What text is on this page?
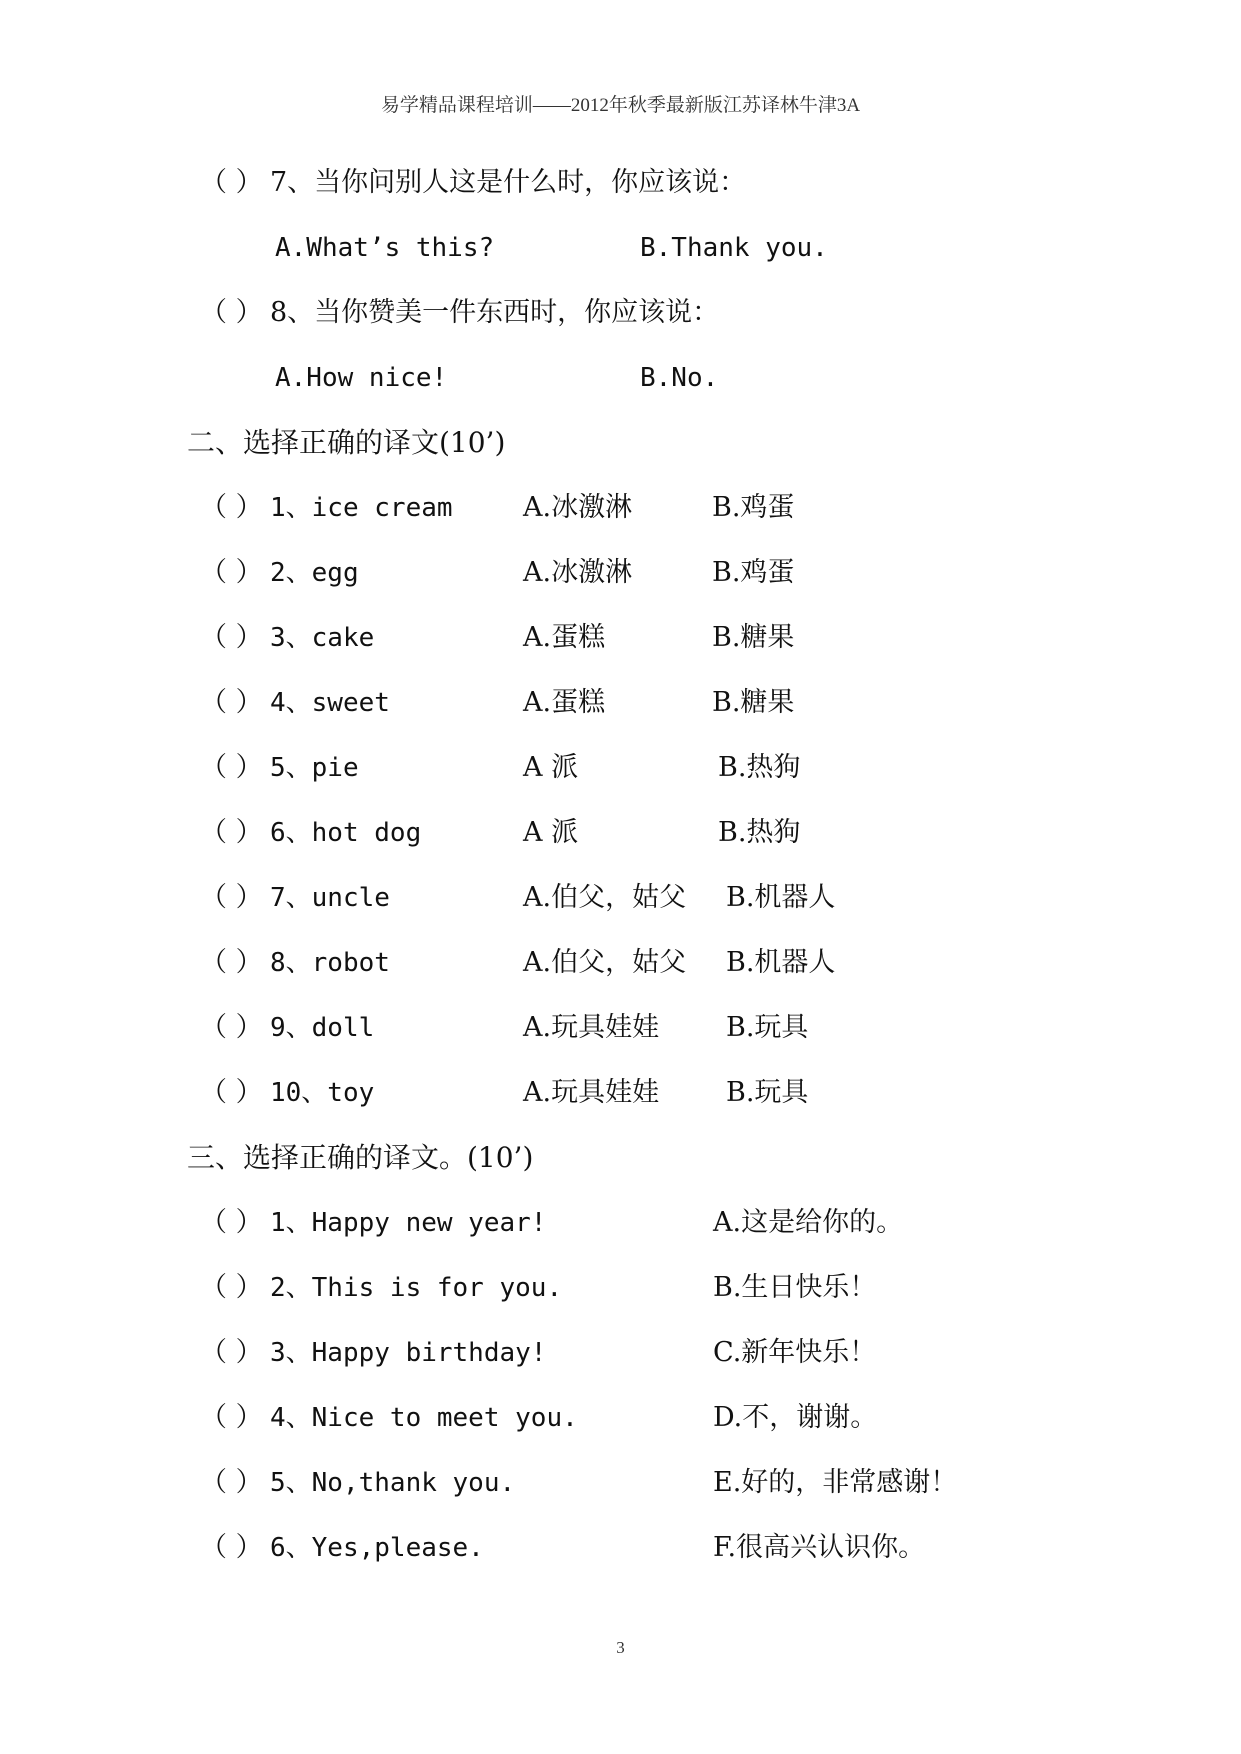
易学精品课程培训——2012年秋季最新版江苏译林牛津3A
（ ） 7、当你问别人这是什么时，你应该说：
A.What’s this?	B.Thank you.
（ ） 8、当你赞美一件东西时，你应该说：
A.How nice!	B.No.
二、选择正确的译文(10’)
（ ） 1、ice cream	A.冰激淋	B.鸡蛋
（ ） 2、egg	A.冰激淋	B.鸡蛋
（ ） 3、cake	A.蛋糕	B.糖果
（ ） 4、sweet	A.蛋糕	B.糖果
（ ） 5、pie	A 派	B.热狗
（ ） 6、hot dog	A 派	B.热狗
（ ） 7、uncle	A.伯父，姑父 B.机器人
（ ） 8、robot	A.伯父，姑父 B.机器人
（ ） 9、doll	A.玩具娃娃 B.玩具
（ ） 10、toy	A.玩具娃娃 B.玩具
三、选择正确的译文。(10’)
（ ） 1、Happy new year!	A.这是给你的。
（ ） 2、This is for you.	B.生日快乐！
（ ） 3、Happy birthday!	C.新年快乐！
（ ） 4、Nice to meet you.	D.不，谢谢。
（ ） 5、No,thank you.	E.好的，非常感谢！
（ ） 6、Yes,please.	F.很高兴认识你。
3
